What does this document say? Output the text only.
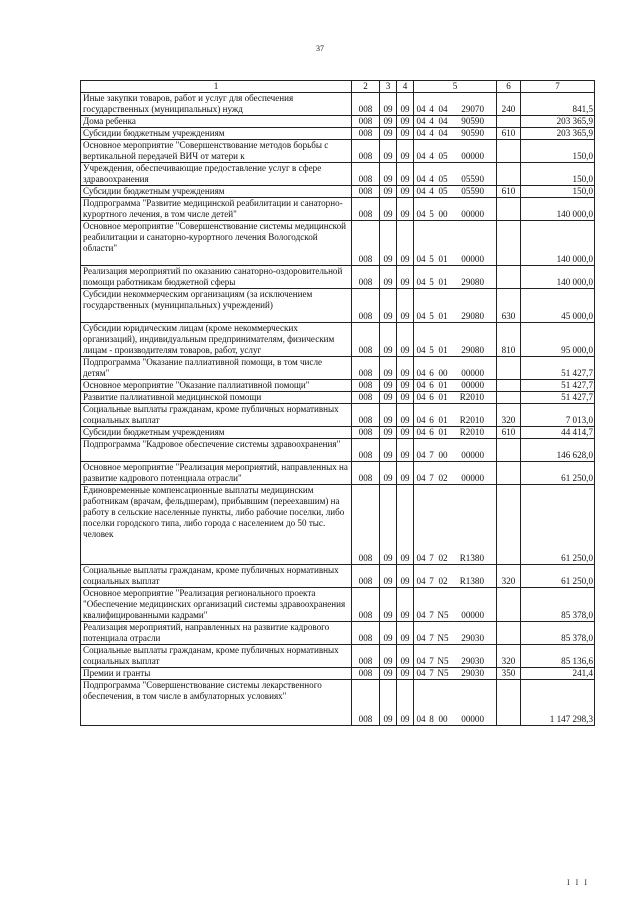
37
1	2	3	4	5	6	7
Иные закупки товаров, работ и услуг для обеспечения государственных (муниципальных) нужд	008	09	09	04 4 04 29070	240	841,5
Дома ребенка	008	09	09	04 4 04 90590		203 365,9
Субсидии бюджетным учреждениям	008	09	09	04 4 04 90590	610	203 365,9
Основное мероприятие "Совершенствование методов борьбы с вертикальной передачей ВИЧ от матери к	008	09	09	04 4 05 00000		150,0
Учреждения, обеспечивающие предоставление услуг в сфере здравоохранения	008	09	09	04 4 05 05590		150,0
Субсидии бюджетным учреждениям	008	09	09	04 4 05 05590	610	150,0
Подпрограмма "Развитие медицинской реабилитации и санаторно-курортного лечения, в том числе детей"	008	09	09	04 5 00 00000		140 000,0
Основное мероприятие "Совершенствование системы медицинской реабилитации и санаторно-курортного лечения Вологодской области"	008	09	09	04 5 01 00000		140 000,0
Реализация мероприятий по оказанию санаторно-оздоровительной помощи работникам бюджетной сферы	008	09	09	04 5 01 29080		140 000,0
Субсидии некоммерческим организациям (за исключением государственных (муниципальных) учреждений)	008	09	09	04 5 01 29080	630	45 000,0
Субсидии юридическим лицам (кроме некоммерческих организаций), индивидуальным предпринимателям, физическим лицам - производителям товаров, работ, услуг	008	09	09	04 5 01 29080	810	95 000,0
Подпрограмма "Оказание паллиативной помощи, в том числе детям"	008	09	09	04 6 00 00000		51 427,7
Основное мероприятие "Оказание паллиативной помощи"	008	09	09	04 6 01 00000		51 427,7
Развитие паллиативной медицинской помощи	008	09	09	04 6 01 R2010		51 427,7
Социальные выплаты гражданам, кроме публичных нормативных социальных выплат	008	09	09	04 6 01 R2010	320	7 013,0
Субсидии бюджетным учреждениям	008	09	09	04 6 01 R2010	610	44 414,7
Подпрограмма "Кадровое обеспечение системы здравоохранения"	008	09	09	04 7 00 00000		146 628,0
Основное мероприятие "Реализация мероприятий, направленных на развитие кадрового потенциала отрасли"	008	09	09	04 7 02 00000		61 250,0
Единовременные компенсационные выплаты медицинским работникам (врачам, фельдшерам), прибывшим (переехавшим) на работу в сельские населенные пункты, либо рабочие поселки, либо поселки городского типа, либо города с населением до 50 тыс. человек	008	09	09	04 7 02 R1380		61 250,0
Социальные выплаты гражданам, кроме публичных нормативных социальных выплат	008	09	09	04 7 02 R1380	320	61 250,0
Основное мероприятие "Реализация регионального проекта "Обеспечение медицинских организаций системы здравоохранения квалифицированными кадрами"	008	09	09	04 7 N5 00000		85 378,0
Реализация мероприятий, направленных на развитие кадрового потенциала отрасли	008	09	09	04 7 N5 29030		85 378,0
Социальные выплаты гражданам, кроме публичных нормативных социальных выплат	008	09	09	04 7 N5 29030	320	85 136,6
Премии и гранты	008	09	09	04 7 N5 29030	350	241,4
Подпрограмма "Совершенствование системы лекарственного обеспечения, в том числе в амбулаторных условиях"	008	09	09	04 8 00 00000		1 147 298,3
I I I
